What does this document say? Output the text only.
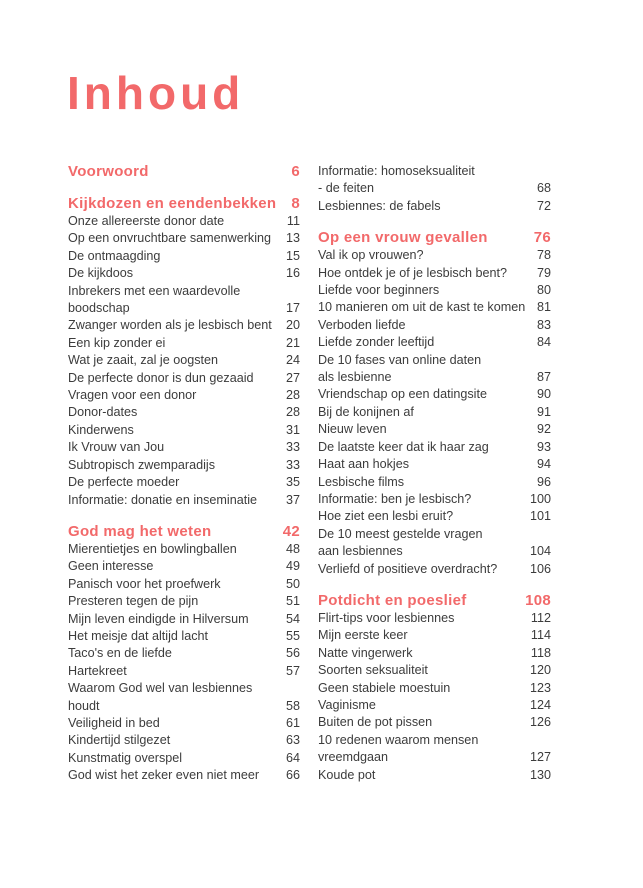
Inhoud
Voorwoord	6
Kijkdozen en eendenbekken 8
Onze allereerste donor date	11
Op een onvruchtbare samenwerking	13
De ontmaagding	15
De kijkdoos	16
Inbrekers met een waardevolle
boodschap	17
Zwanger worden als je lesbisch bent	20
Een kip zonder ei	21
Wat je zaait, zal je oogsten	24
De perfecte donor is dun gezaaid	27
Vragen voor een donor	28
Donor-dates	28
Kinderwens	31
Ik Vrouw van Jou	33
Subtropisch zwemparadijs	33
De perfecte moeder	35
Informatie: donatie en inseminatie	37
God mag het weten	42
Mierentietjes en bowlingballen	48
Geen interesse	49
Panisch voor het proefwerk	50
Presteren tegen de pijn	51
Mijn leven eindigde in Hilversum	54
Het meisje dat altijd lacht	55
Taco's en de liefde	56
Hartekreet	57
Waarom God wel van lesbiennes
houdt	58
Veiligheid in bed	61
Kindertijd stilgezet	63
Kunstmatig overspel	64
God wist het zeker even niet meer	66
Informatie: homoseksualiteit
- de feiten	68
Lesbiennes: de fabels	72
Op een vrouw gevallen	76
Val ik op vrouwen?	78
Hoe ontdek je of je lesbisch bent?	79
Liefde voor beginners	80
10 manieren om uit de kast te komen 81
Verboden liefde	83
Liefde zonder leeftijd	84
De 10 fases van online daten
als lesbienne	87
Vriendschap op een datingsite	90
Bij de konijnen af	91
Nieuw leven	92
De laatste keer dat ik haar zag	93
Haat aan hokjes	94
Lesbische films	96
Informatie: ben je lesbisch?	100
Hoe ziet een lesbi eruit?	101
De 10 meest gestelde vragen
aan lesbiennes	104
Verliefd of positieve overdracht?	106
Potdicht en poeslief	108
Flirt-tips voor lesbiennes	112
Mijn eerste keer	114
Natte vingerwerk	118
Soorten seksualiteit	120
Geen stabiele moestuin	123
Vaginisme	124
Buiten de pot pissen	126
10 redenen waarom mensen
vreemdgaan	127
Koude pot	130
